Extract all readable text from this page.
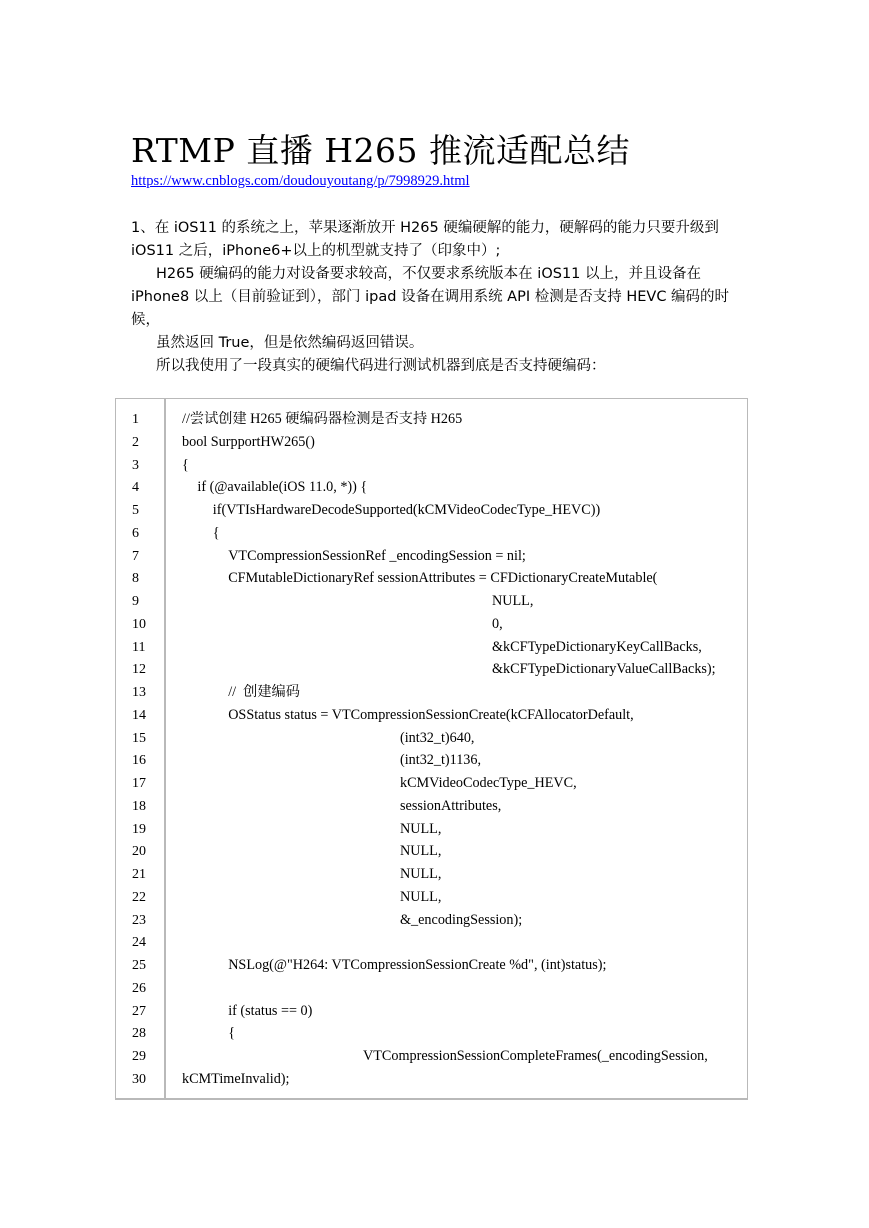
RTMP 直播 H265 推流适配总结
https://www.cnblogs.com/doudouyoutang/p/7998929.html
1、在 iOS11 的系统之上，苹果逐渐放开 H265 硬编硬解的能力，硬解码的能力只要升级到 iOS11 之后，iPhone6+以上的机型就支持了（印象中）;
H265 硬编码的能力对设备要求较高，不仅要求系统版本在 iOS11 以上，并且设备在 iPhone8 以上（目前验证到），部门 ipad 设备在调用系统 API 检测是否支持 HEVC 编码的时候，
虽然返回 True，但是依然编码返回错误。
所以我使用了一段真实的硬编代码进行测试机器到底是否支持硬编码：
1
2
3
4
5
6
7
8
9
10
11
12
13
14
15
16
17
18
19
20
21
22
23
24
25
26
27
28
29
30
//尝试创建 H265 硬编码器检测是否支持 H265
bool SurpportHW265()
{
if (@available(iOS 11.0, *)) {
if(VTIsHardwareDecodeSupported(kCMVideoCodecType_HEVC))
{
VTCompressionSessionRef _encodingSession = nil;
CFMutableDictionaryRef sessionAttributes = CFDictionaryCreateMutable(
NULL,
0,
&kCFTypeDictionaryKeyCallBacks,
&kCFTypeDictionaryValueCallBacks);
//  创建编码
OSStatus status = VTCompressionSessionCreate(kCFAllocatorDefault,
(int32_t)640,
(int32_t)1136,
kCMVideoCodecType_HEVC,
sessionAttributes,
NULL,
NULL,
NULL,
NULL,
&_encodingSession);
NSLog(@"H264: VTCompressionSessionCreate %d", (int)status);
if (status == 0)
{
VTCompressionSessionCompleteFrames(_encodingSession,
kCMTimeInvalid);
